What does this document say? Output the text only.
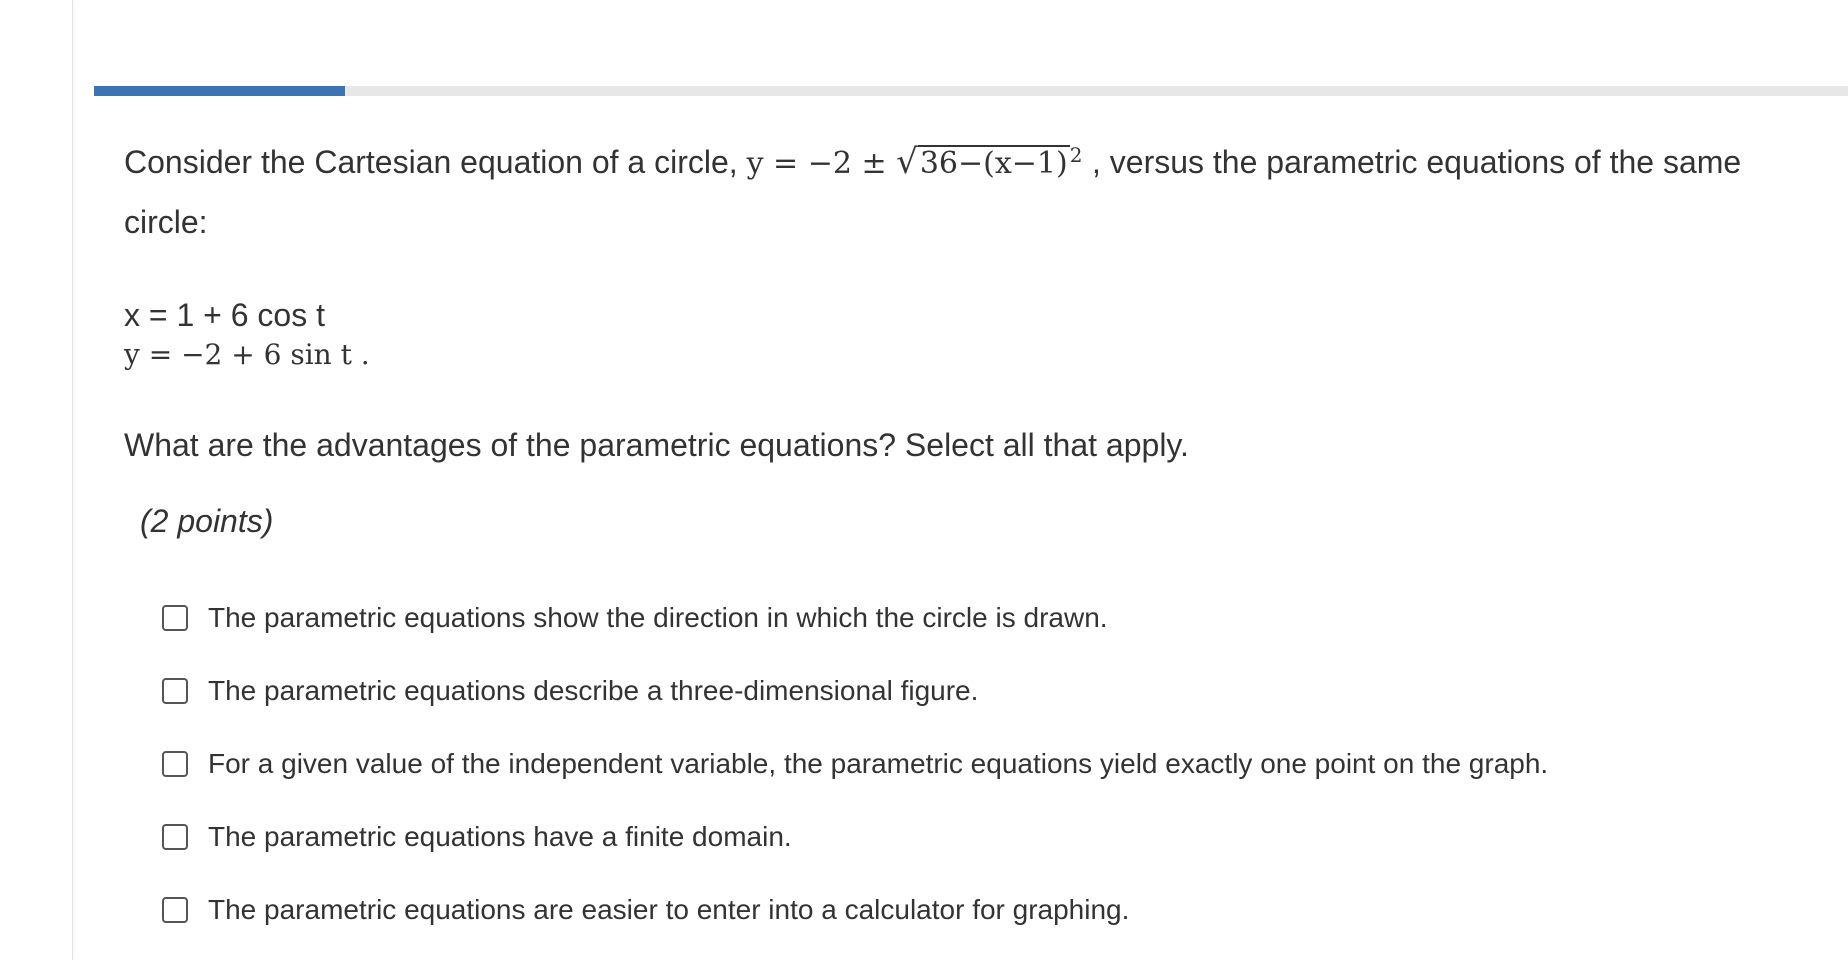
Consider the Cartesian equation of a circle, y = −2 ± √36−(x−1) $^2$ , versus the parametric equations of the same circle:

x = 1 + 6 cos t
y = −2 + 6 sin t .
What are the advantages of the parametric equations? Select all that apply.
(2 points)
The parametric equations show the direction in which the circle is drawn.
The parametric equations describe a three-dimensional figure.
For a given value of the independent variable, the parametric equations yield exactly one point on the graph.
The parametric equations have a finite domain.
The parametric equations are easier to enter into a calculator for graphing.
